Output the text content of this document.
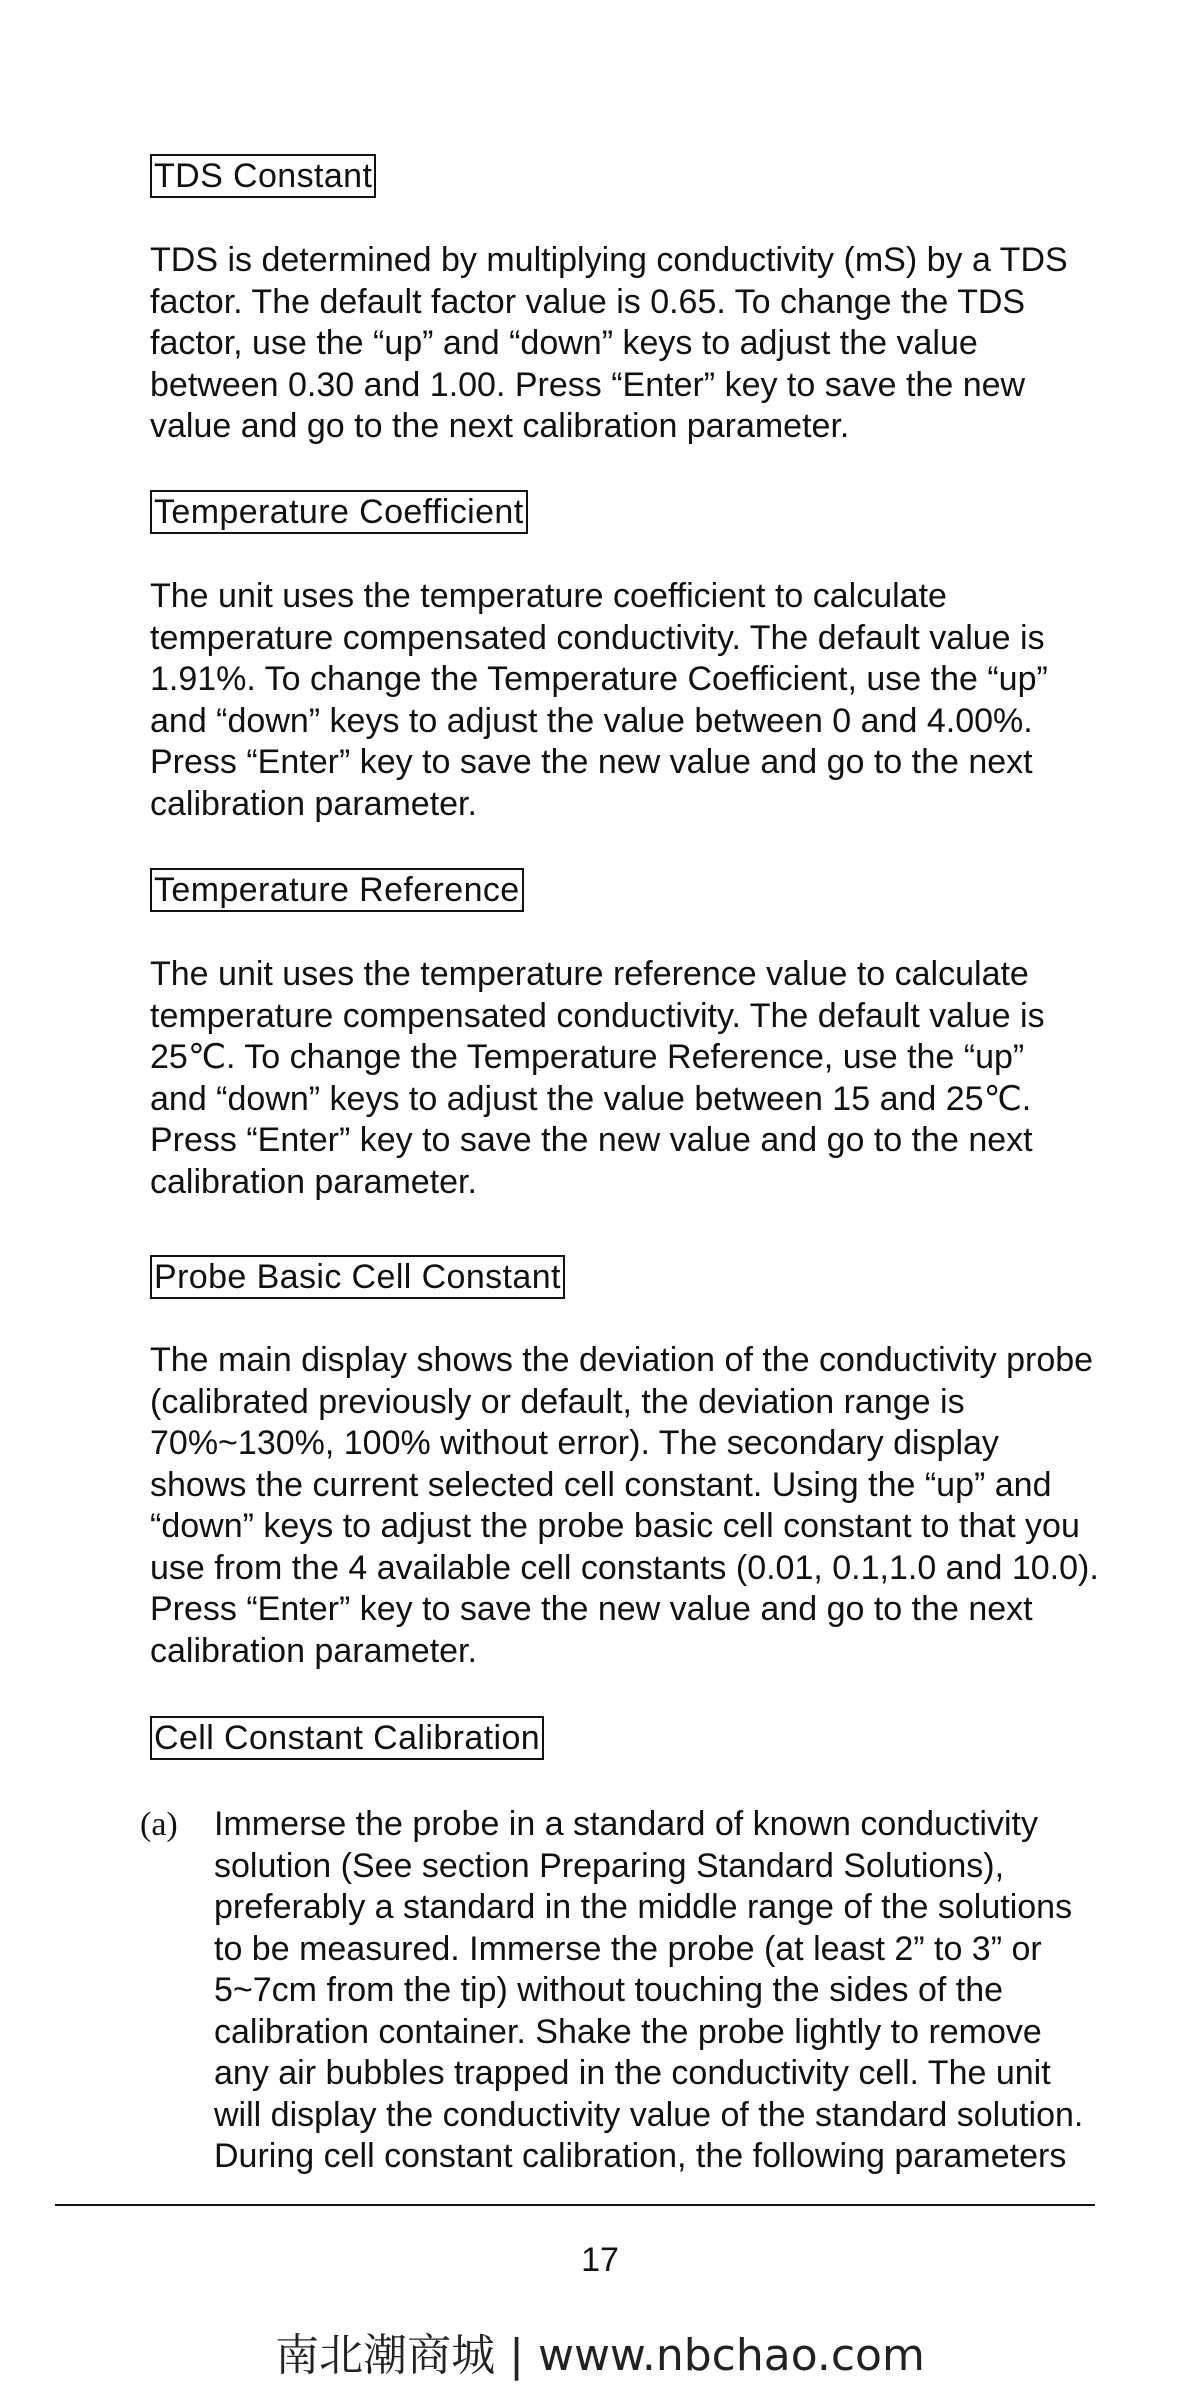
TDS Constant

TDS is determined by multiplying conductivity (mS) by a TDS
factor. The default factor value is 0.65. To change the TDS
factor, use the “up” and “down” keys to adjust the value
between 0.30 and 1.00. Press “Enter” key to save the new
value and go to the next calibration parameter.

Temperature Coefficient

The unit uses the temperature coefficient to calculate
temperature compensated conductivity. The default value is
1.91%. To change the Temperature Coefficient, use the “up”
and “down” keys to adjust the value between 0 and 4.00%.
Press “Enter” key to save the new value and go to the next
calibration parameter.

Temperature Reference

The unit uses the temperature reference value to calculate
temperature compensated conductivity. The default value is
25℃. To change the Temperature Reference, use the “up”
and “down” keys to adjust the value between 15 and 25℃.
Press “Enter” key to save the new value and go to the next
calibration parameter.

Probe Basic Cell Constant

The main display shows the deviation of the conductivity probe
(calibrated previously or default, the deviation range is
70%~130%, 100% without error). The secondary display
shows the current selected cell constant. Using the “up” and
“down” keys to adjust the probe basic cell constant to that you
use from the 4 available cell constants (0.01, 0.1,1.0 and 10.0).
Press “Enter” key to save the new value and go to the next
calibration parameter.

Cell Constant Calibration
(a) Immerse the probe in a standard of known conductivity
solution (See section Preparing Standard Solutions),
preferably a standard in the middle range of the solutions
to be measured. Immerse the probe (at least 2” to 3” or
5~7cm from the tip) without touching the sides of the
calibration container. Shake the probe lightly to remove
any air bubbles trapped in the conductivity cell. The unit
will display the conductivity value of the standard solution.
During cell constant calibration, the following parameters

17
南北潮商城 | www.nbchao.com
